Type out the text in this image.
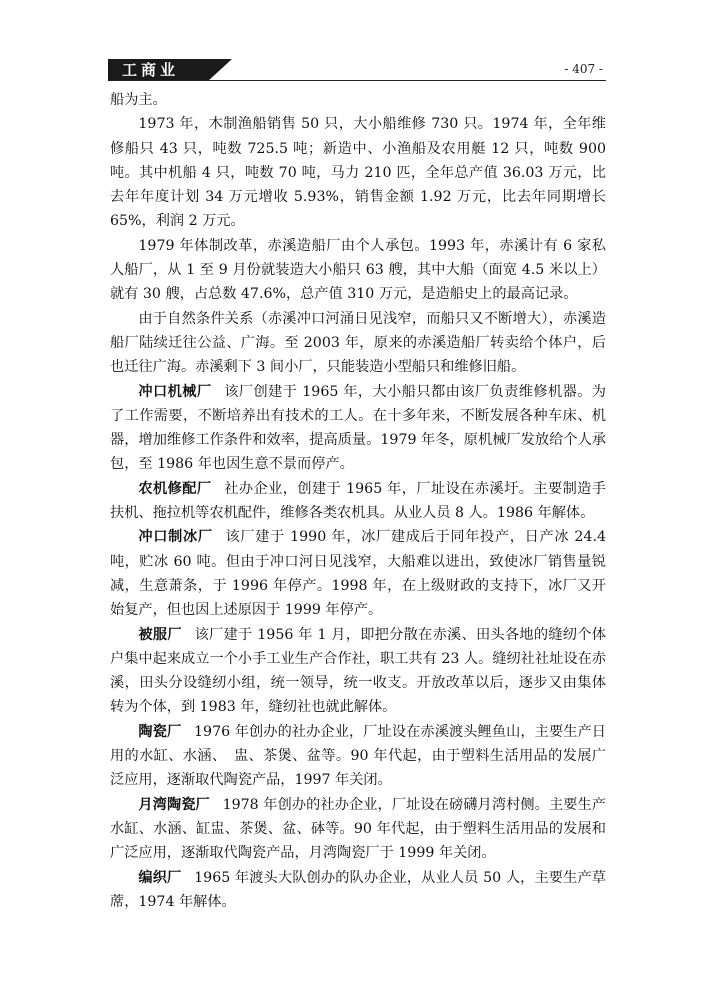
工商业	- 407 -

船为主。

1973 年，木制渔船销售 50 只，大小船维修 730 只。1974 年，全年维修船只 43 只，吨数 725.5 吨；新造中、小渔船及农用艇 12 只，吨数 900 吨。其中机船 4 只，吨数 70 吨，马力 210 匹，全年总产值 36.03 万元，比去年年度计划 34 万元增收 5.93%，销售金额 1.92 万元，比去年同期增长 65%，利润 2 万元。

1979 年体制改革，赤溪造船厂由个人承包。1993 年，赤溪计有 6 家私人船厂，从 1 至 9 月份就装造大小船只 63 艘，其中大船（面宽 4.5 米以上）就有 30 艘，占总数 47.6%，总产值 310 万元，是造船史上的最高记录。

由于自然条件关系（赤溪冲口河涌日见浅窄，而船只又不断增大），赤溪造船厂陆续迁往公益、广海。至 2003 年，原来的赤溪造船厂转卖给个体户，后也迁往广海。赤溪剩下 3 间小厂，只能装造小型船只和维修旧船。

冲口机械厂 该厂创建于 1965 年，大小船只都由该厂负责维修机器。为了工作需要，不断培养出有技术的工人。在十多年来，不断发展各种车床、机器，增加维修工作条件和效率，提高质量。1979 年冬，原机械厂发放给个人承包，至 1986 年也因生意不景而停产。

农机修配厂 社办企业，创建于 1965 年，厂址设在赤溪圩。主要制造手扶机、拖拉机等农机配件，维修各类农机具。从业人员 8 人。1986 年解体。

冲口制冰厂 该厂建于 1990 年，冰厂建成后于同年投产，日产冰 24.4 吨，贮冰 60 吨。但由于冲口河日见浅窄，大船难以进出，致使冰厂销售量锐减，生意萧条，于 1996 年停产。1998 年，在上级财政的支持下，冰厂又开始复产，但也因上述原因于 1999 年停产。

被服厂 该厂建于 1956 年 1 月，即把分散在赤溪、田头各地的缝纫个体户集中起来成立一个小手工业生产合作社，职工共有 23 人。缝纫社社址设在赤溪，田头分设缝纫小组，统一领导，统一收支。开放改革以后，逐步又由集体转为个体，到 1983 年，缝纫社也就此解体。

陶瓷厂 1976 年创办的社办企业，厂址设在赤溪渡头鲤鱼山，主要生产日用的水缸、水涵、　盅、茶煲、盆等。90 年代起，由于塑料生活用品的发展广泛应用，逐渐取代陶瓷产品，1997 年关闭。

月湾陶瓷厂 1978 年创办的社办企业，厂址设在磅礴月湾村侧。主要生产水缸、水涵、缸盅、茶煲、盆、砵等。90 年代起，由于塑料生活用品的发展和广泛应用，逐渐取代陶瓷产品，月湾陶瓷厂于 1999 年关闭。

编织厂 1965 年渡头大队创办的队办企业，从业人员 50 人，主要生产草蓆，1974 年解体。
